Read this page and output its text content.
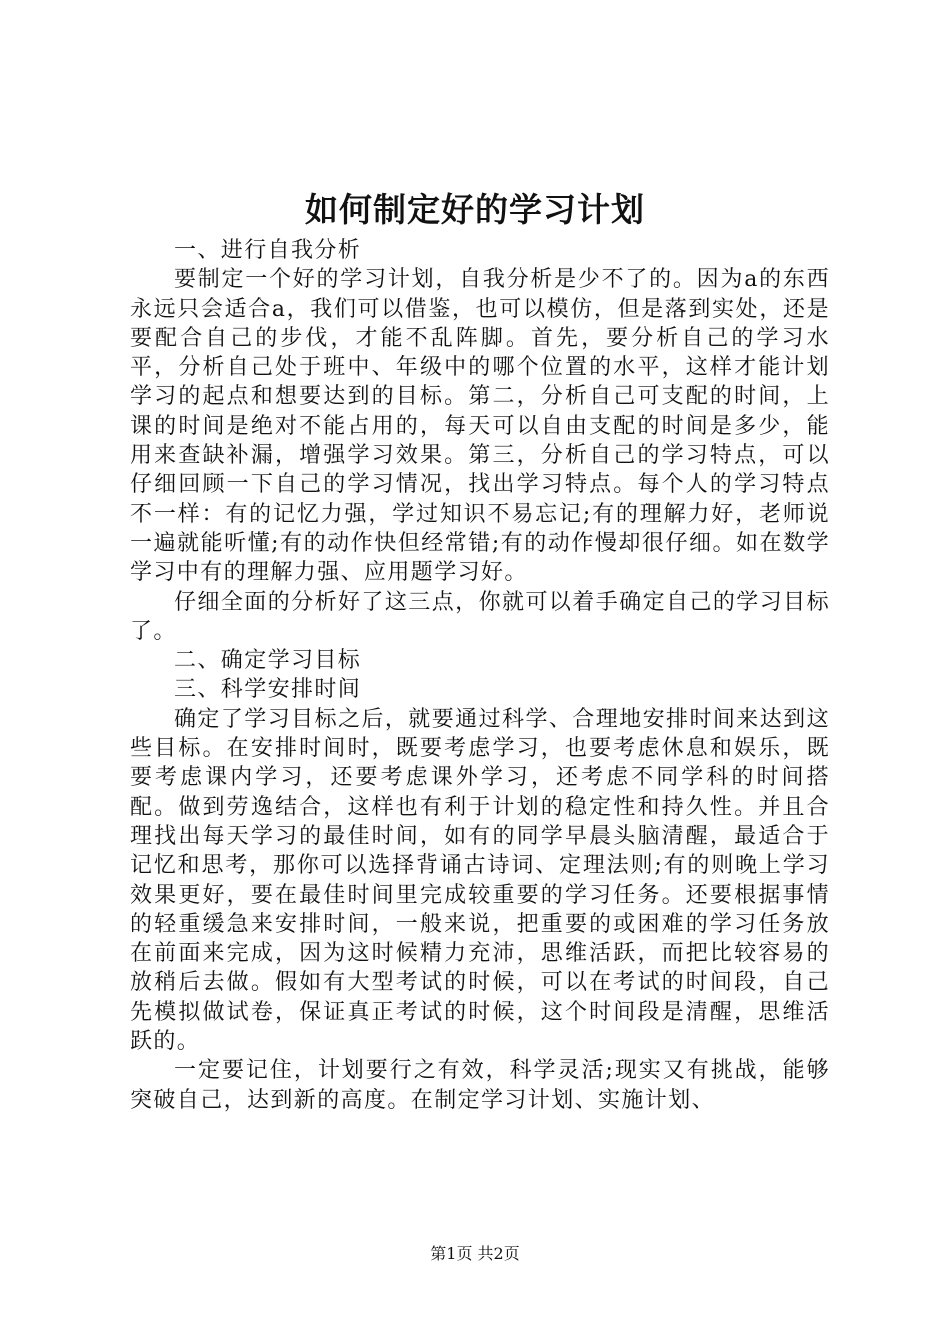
如何制定好的学习计划

一、进行自我分析

要制定一个好的学习计划，自我分析是少不了的。因为a的东西永远只会适合a，我们可以借鉴，也可以模仿，但是落到实处，还是要配合自己的步伐，才能不乱阵脚。首先，要分析自己的学习水平，分析自己处于班中、年级中的哪个位置的水平，这样才能计划学习的起点和想要达到的目标。第二，分析自己可支配的时间，上课的时间是绝对不能占用的，每天可以自由支配的时间是多少，能用来查缺补漏，增强学习效果。第三，分析自己的学习特点，可以仔细回顾一下自己的学习情况，找出学习特点。每个人的学习特点不一样：有的记忆力强，学过知识不易忘记;有的理解力好，老师说一遍就能听懂;有的动作快但经常错;有的动作慢却很仔细。如在数学学习中有的理解力强、应用题学习好。

仔细全面的分析好了这三点，你就可以着手确定自己的学习目标了。

二、确定学习目标

三、科学安排时间

确定了学习目标之后，就要通过科学、合理地安排时间来达到这些目标。在安排时间时，既要考虑学习，也要考虑休息和娱乐，既要考虑课内学习，还要考虑课外学习，还考虑不同学科的时间搭配。做到劳逸结合，这样也有利于计划的稳定性和持久性。并且合理找出每天学习的最佳时间，如有的同学早晨头脑清醒，最适合于记忆和思考，那你可以选择背诵古诗词、定理法则;有的则晚上学习效果更好，要在最佳时间里完成较重要的学习任务。还要根据事情的轻重缓急来安排时间，一般来说，把重要的或困难的学习任务放在前面来完成，因为这时候精力充沛，思维活跃，而把比较容易的放稍后去做。假如有大型考试的时候，可以在考试的时间段，自己先模拟做试卷，保证真正考试的时候，这个时间段是清醒，思维活跃的。

一定要记住，计划要行之有效，科学灵活;现实又有挑战，能够突破自己，达到新的高度。在制定学习计划、实施计划、

第1页 共2页
